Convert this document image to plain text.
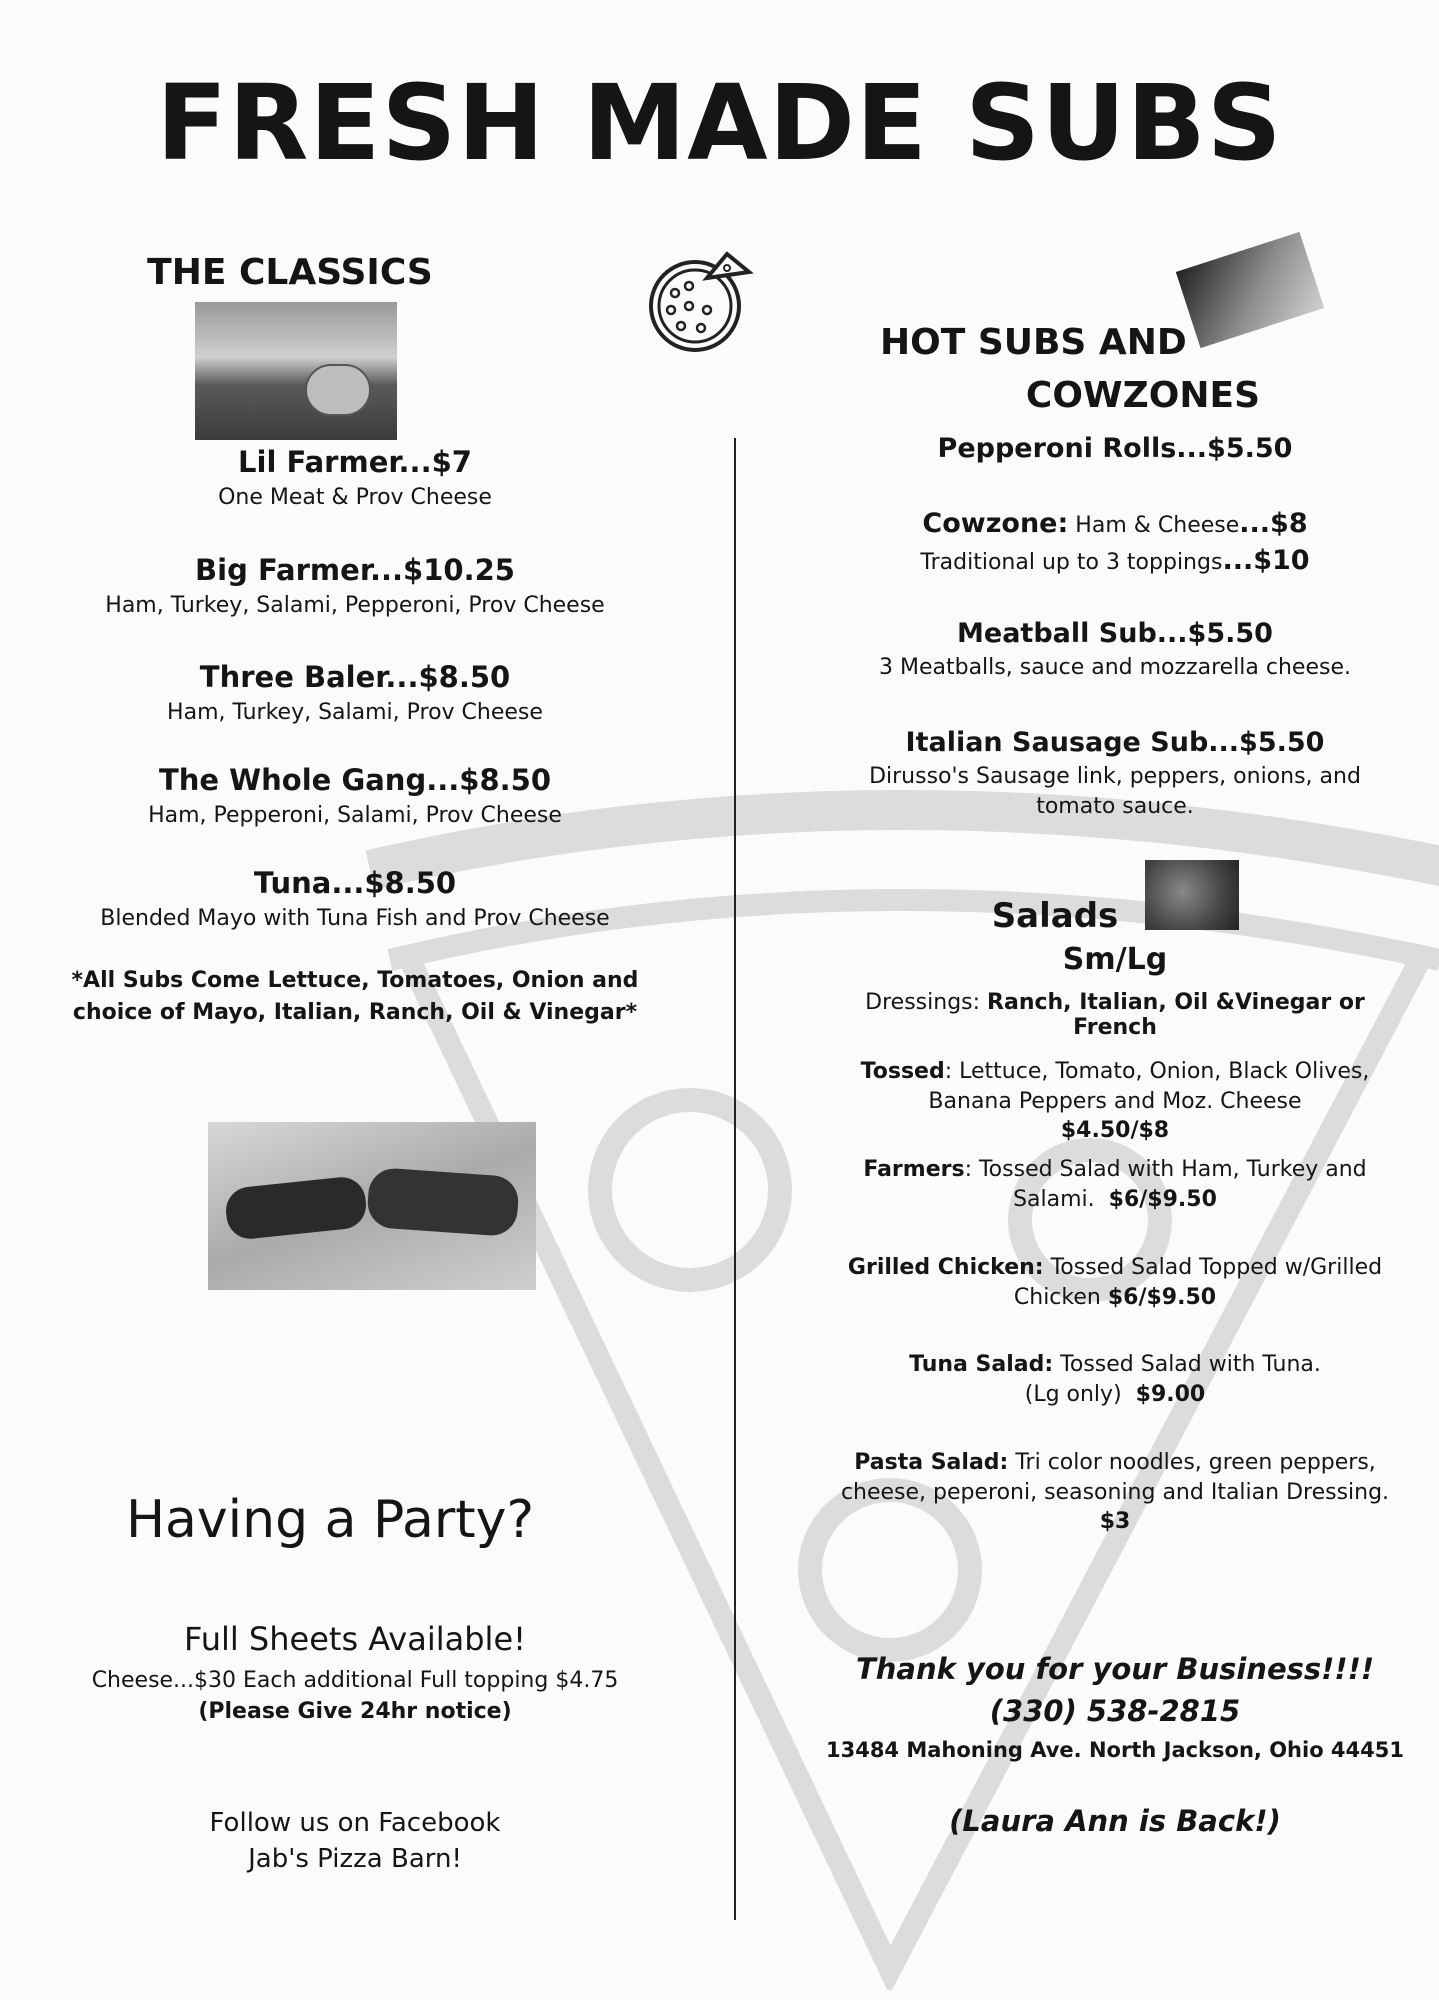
FRESH MADE SUBS

THE CLASSICS

Lil Farmer...$7

One Meat & Prov Cheese

Big Farmer...$10.25

Ham, Turkey, Salami, Pepperoni, Prov Cheese

Three Baler...$8.50

Ham, Turkey, Salami, Prov Cheese

The Whole Gang...$8.50

Ham, Pepperoni, Salami, Prov Cheese

Tuna...$8.50

Blended Mayo with Tuna Fish and Prov Cheese

*All Subs Come Lettuce, Tomatoes, Onion and

choice of Mayo, Italian, Ranch, Oil & Vinegar*

Having a Party?

Full Sheets Available!

Cheese...$30 Each additional Full topping $4.75

(Please Give 24hr notice)

Follow us on Facebook

Jab's Pizza Barn!

HOT SUBS AND

COWZONES

Pepperoni Rolls...$5.50

Cowzone: Ham & Cheese...$8

Traditional up to 3 toppings...$10

Meatball Sub...$5.50

3 Meatballs, sauce and mozzarella cheese.

Italian Sausage Sub...$5.50

Dirusso's Sausage link, peppers, onions, and

tomato sauce.

Salads

Sm/Lg

Dressings: Ranch, Italian, Oil &Vinegar or French

Tossed: Lettuce, Tomato, Onion, Black Olives,

Banana Peppers and Moz. Cheese

$4.50/$8

Farmers: Tossed Salad with Ham, Turkey and

Salami. $6/$9.50

Grilled Chicken: Tossed Salad Topped w/Grilled

Chicken $6/$9.50

Tuna Salad: Tossed Salad with Tuna.

(Lg only) $9.00

Pasta Salad: Tri color noodles, green peppers,

cheese, peperoni, seasoning and Italian Dressing.

$3

Thank you for your Business!!!!

(330) 538-2815

13484 Mahoning Ave. North Jackson, Ohio 44451

(Laura Ann is Back!)
